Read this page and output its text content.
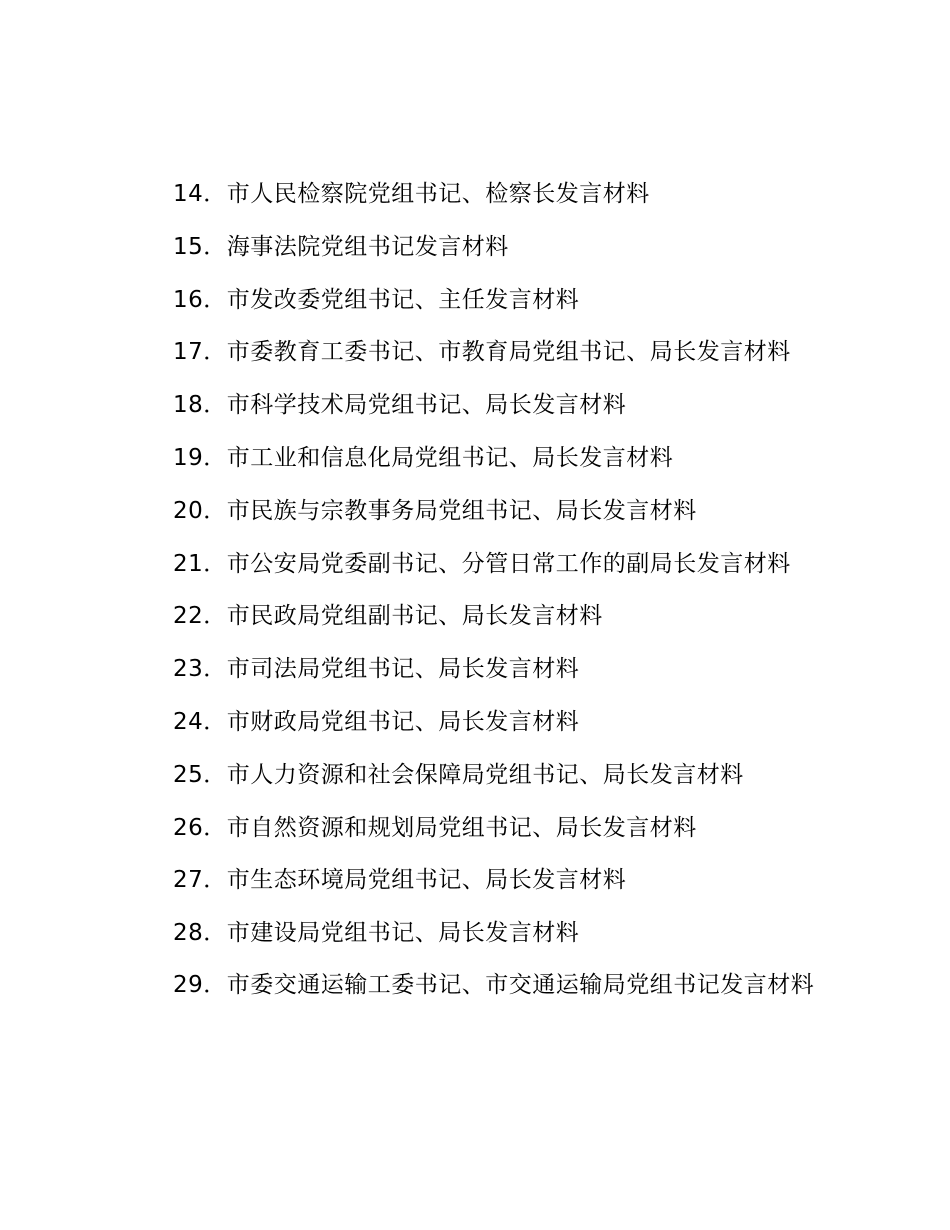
14．市人民检察院党组书记、检察长发言材料

15．海事法院党组书记发言材料

16．市发改委党组书记、主任发言材料

17．市委教育工委书记、市教育局党组书记、局长发言材料

18．市科学技术局党组书记、局长发言材料

19．市工业和信息化局党组书记、局长发言材料

20．市民族与宗教事务局党组书记、局长发言材料

21．市公安局党委副书记、分管日常工作的副局长发言材料

22．市民政局党组副书记、局长发言材料

23．市司法局党组书记、局长发言材料

24．市财政局党组书记、局长发言材料

25．市人力资源和社会保障局党组书记、局长发言材料

26．市自然资源和规划局党组书记、局长发言材料

27．市生态环境局党组书记、局长发言材料

28．市建设局党组书记、局长发言材料

29．市委交通运输工委书记、市交通运输局党组书记发言材料
